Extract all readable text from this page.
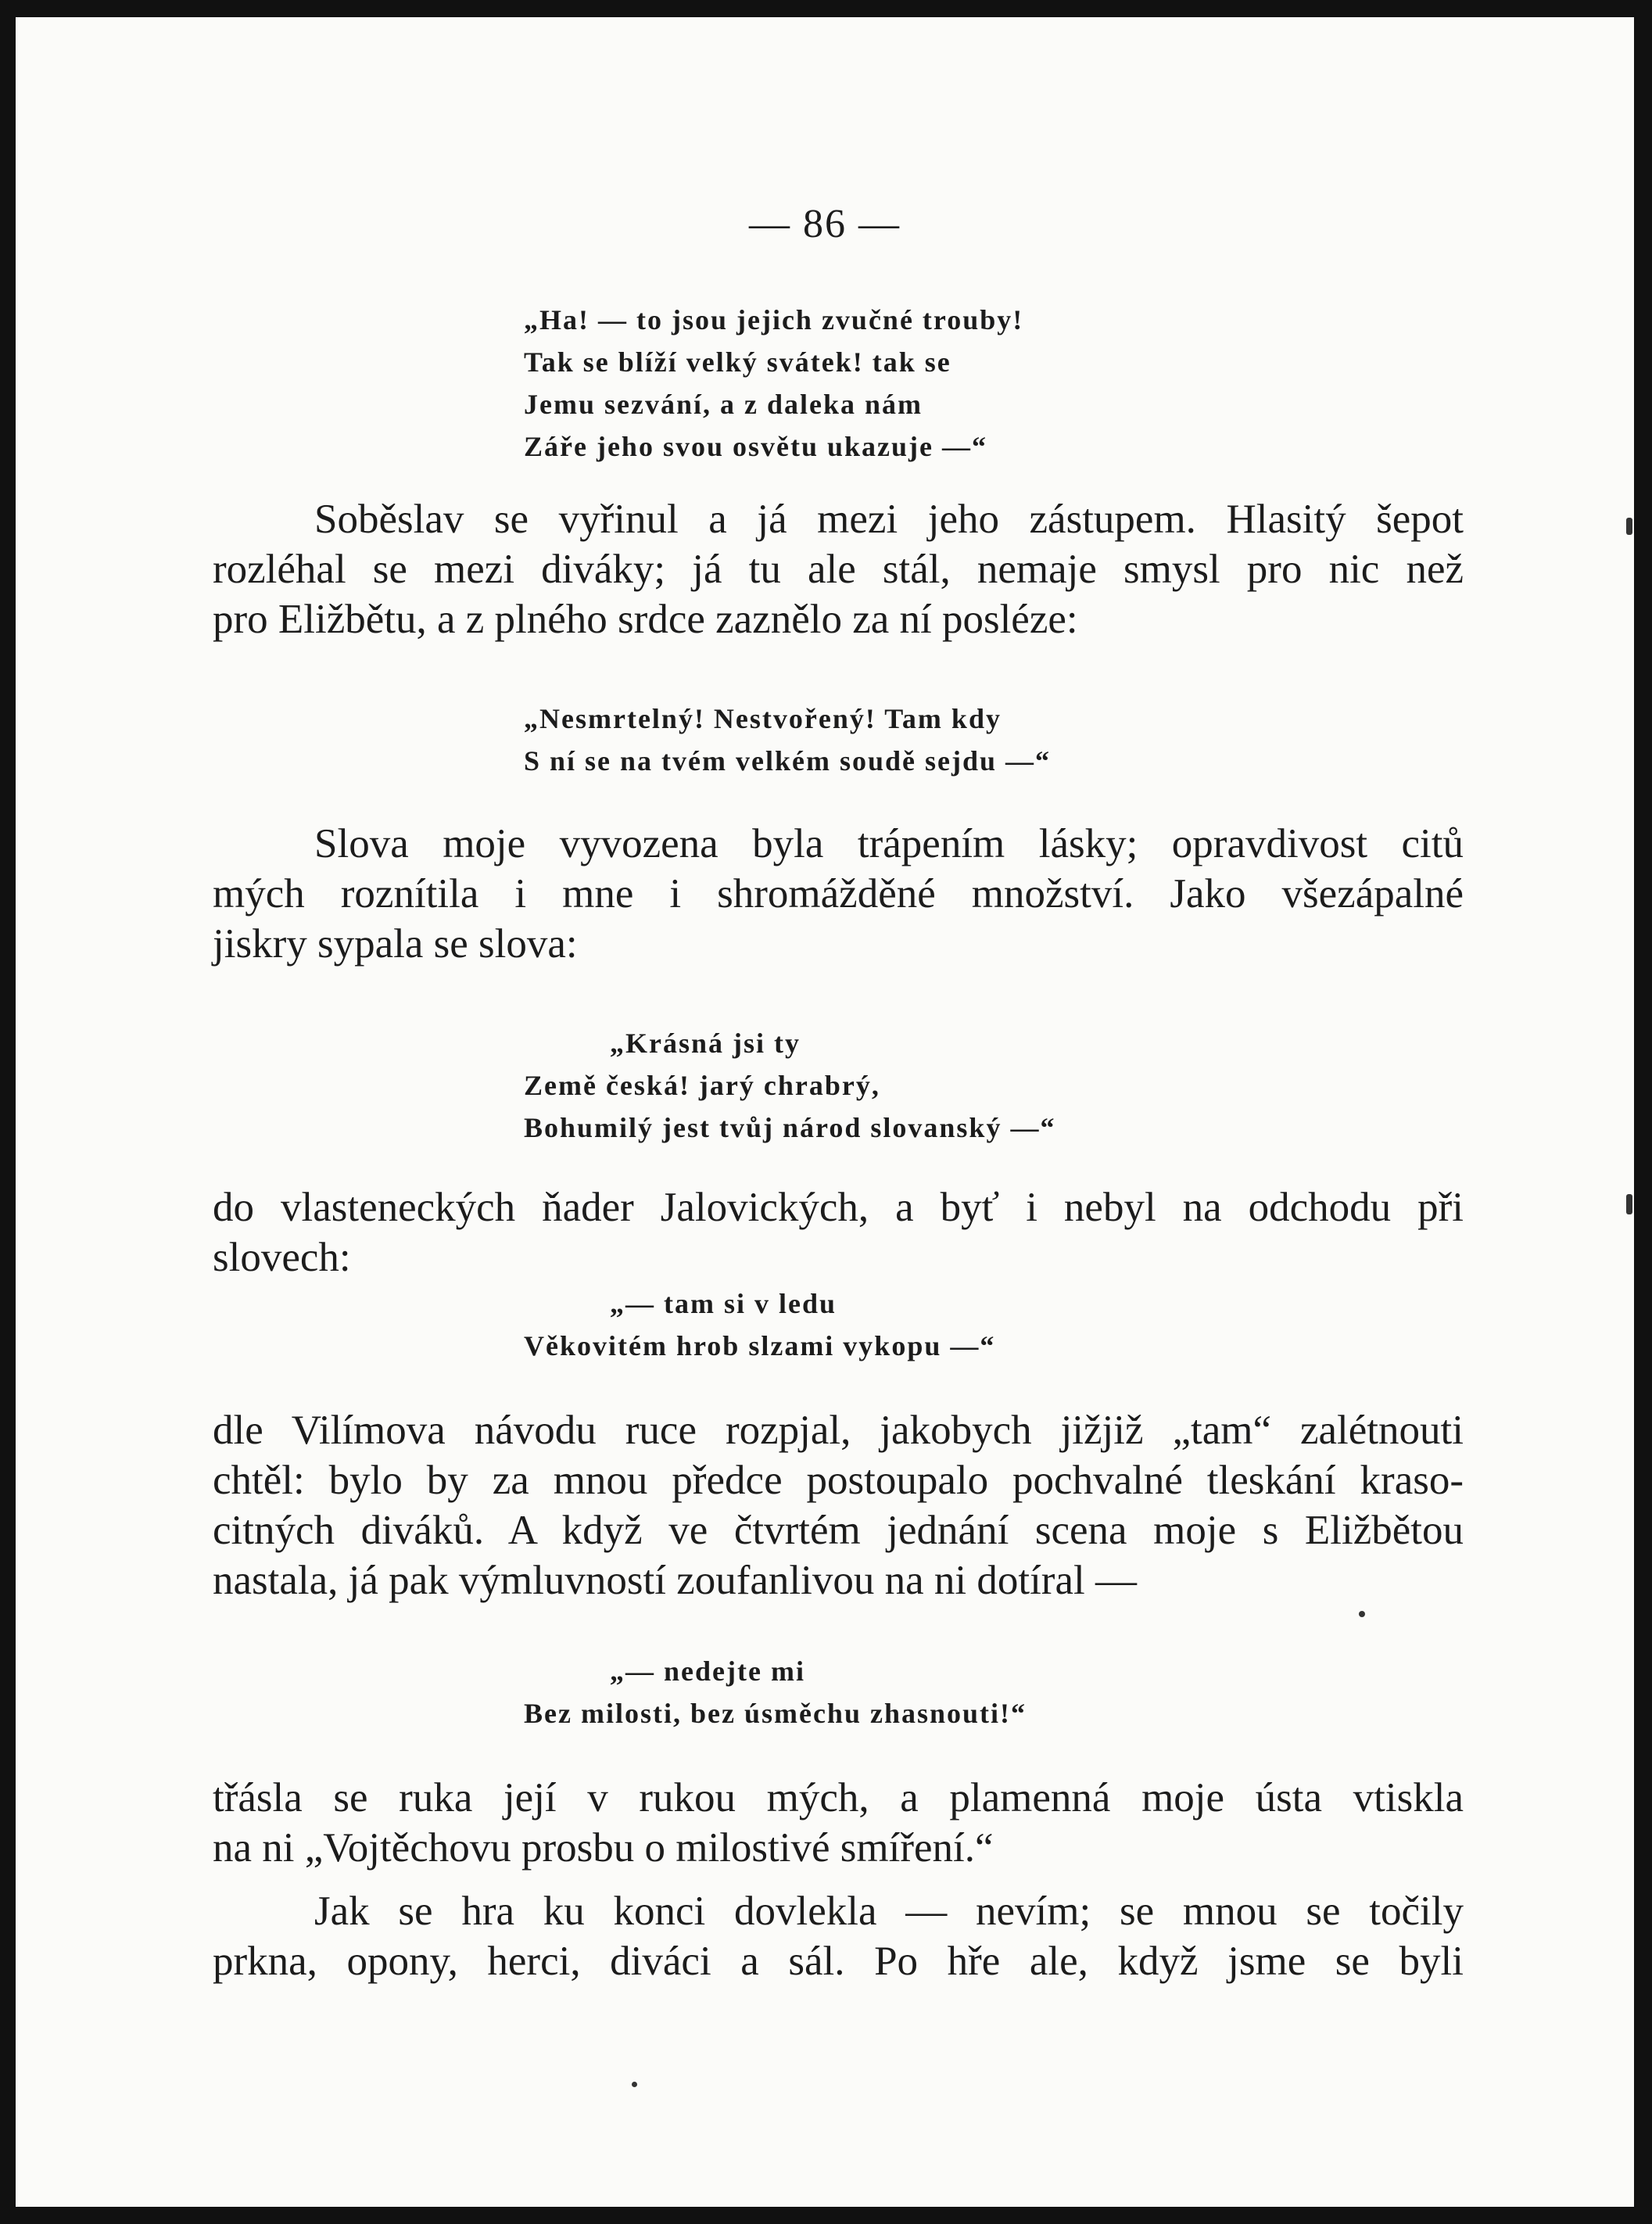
— 86 —
„Ha! — to jsou jejich zvučné trouby!
Tak se blíží velký svátek! tak se
Jemu sezvání, a z daleka nám
Záře jeho svou osvětu ukazuje —“
Soběslav se vyřinul a já mezi jeho zástupem. Hlasitý šepot
rozléhal se mezi diváky; já tu ale stál, nemaje smysl pro nic než
pro Eližbětu, a z plného srdce zaznělo za ní posléze:
„Nesmrtelný! Nestvořený! Tam kdy
S ní se na tvém velkém soudě sejdu —“
Slova moje vyvozena byla trápením lásky; opravdivost citů
mých roznítila i mne i shromážděné množství. Jako všezápalné
jiskry sypala se slova:
„Krásná jsi ty
Země česká! jarý chrabrý,
Bohumilý jest tvůj národ slovanský —“
do vlasteneckých ňader Jalovických, a byť i nebyl na odchodu při
slovech:
„— tam si v ledu
Věkovitém hrob slzami vykopu —“
dle Vilímova návodu ruce rozpjal, jakobych jižjiž „tam“ zalétnouti
chtěl: bylo by za mnou předce postoupalo pochvalné tleskání kraso-
citných diváků. A když ve čtvrtém jednání scena moje s Eližbětou
nastala, já pak výmluvností zoufanlivou na ni dotíral —
„— nedejte mi
Bez milosti, bez úsměchu zhasnouti!“
třásla se ruka její v rukou mých, a plamenná moje ústa vtiskla
na ni „Vojtěchovu prosbu o milostivé smíření.“
Jak se hra ku konci dovlekla — nevím; se mnou se točily
prkna, opony, herci, diváci a sál. Po hře ale, když jsme se byli
